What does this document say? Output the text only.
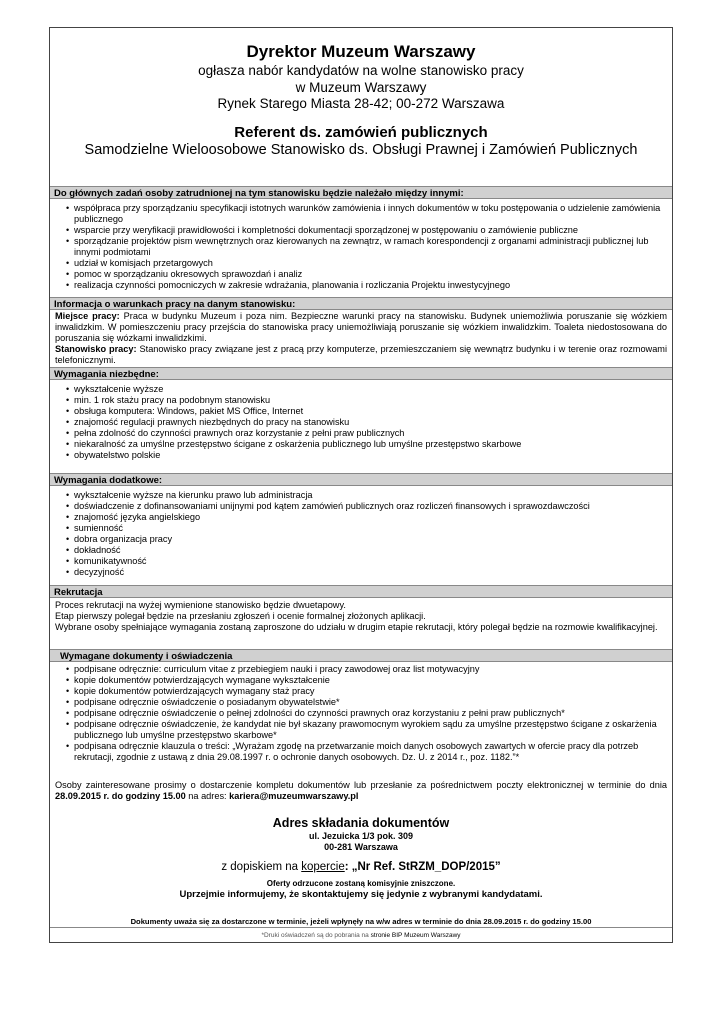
Dyrektor Muzeum Warszawy
ogłasza nabór kandydatów na wolne stanowisko pracy
w Muzeum Warszawy
Rynek Starego Miasta 28-42; 00-272 Warszawa
Referent ds. zamówień publicznych
Samodzielne Wieloosobowe Stanowisko ds. Obsługi Prawnej i Zamówień Publicznych
Do głównych zadań osoby zatrudnionej na tym stanowisku będzie należało między innymi:
• współpraca przy sporządzaniu specyfikacji istotnych warunków zamówienia i innych dokumentów w toku postępowania o udzielenie zamówienia publicznego
• wsparcie przy weryfikacji prawidłowości i kompletności dokumentacji sporządzonej w postępowaniu o zamówienie publiczne
• sporządzanie projektów pism wewnętrznych oraz kierowanych na zewnątrz, w ramach korespondencji z organami administracji publicznej lub innymi podmiotami
• udział w komisjach przetargowych
• pomoc w sporządzaniu okresowych sprawozdań i analiz
• realizacja czynności pomocniczych w zakresie wdrażania, planowania i rozliczania Projektu inwestycyjnego
Informacja o warunkach pracy na danym stanowisku:
Miejsce pracy: Praca w budynku Muzeum i poza nim. Bezpieczne warunki pracy na stanowisku. Budynek uniemożliwia poruszanie się wózkiem inwalidzkim. W pomieszczeniu pracy przejścia do stanowiska pracy uniemożliwiają poruszanie się wózkiem inwalidzkim. Toaleta niedostosowana do poruszania się wózkami inwalidzkimi.
Stanowisko pracy: Stanowisko pracy związane jest z pracą przy komputerze, przemieszczaniem się wewnątrz budynku i w terenie oraz rozmowami telefonicznymi.
Wymagania niezbędne:
• wykształcenie wyższe
• min. 1 rok stażu pracy na podobnym stanowisku
• obsługa komputera: Windows, pakiet MS Office, Internet
• znajomość regulacji prawnych niezbędnych do pracy na stanowisku
• pełna zdolność do czynności prawnych oraz korzystanie z pełni praw publicznych
• niekaralność za umyślne przestępstwo ścigane z oskarżenia publicznego lub umyślne przestępstwo skarbowe
• obywatelstwo polskie
Wymagania dodatkowe:
• wykształcenie wyższe na kierunku prawo lub administracja
• doświadczenie z dofinansowaniami unijnymi pod kątem zamówień publicznych oraz rozliczeń finansowych i sprawozdawczości
• znajomość języka angielskiego
• sumienność
• dobra organizacja pracy
• dokładność
• komunikatywność
• decyzyjność
Rekrutacja
Proces rekrutacji na wyżej wymienione stanowisko będzie dwuetapowy.
Etap pierwszy polegał będzie na przesłaniu zgłoszeń i ocenie formalnej złożonych aplikacji.
Wybrane osoby spełniające wymagania zostaną zaproszone do udziału w drugim etapie rekrutacji, który polegał będzie na rozmowie kwalifikacyjnej.
Wymagane dokumenty i oświadczenia
• podpisane odręcznie: curriculum vitae z przebiegiem nauki i pracy zawodowej oraz list motywacyjny
• kopie dokumentów potwierdzających wymagane wykształcenie
• kopie dokumentów potwierdzających wymagany staż pracy
• podpisane odręcznie oświadczenie o posiadanym obywatelstwie*
• podpisane odręcznie oświadczenie o pełnej zdolności do czynności prawnych oraz korzystaniu z pełni praw publicznych*
• podpisane odręcznie oświadczenie, że kandydat nie był skazany prawomocnym wyrokiem sądu za umyślne przestępstwo ścigane z oskarżenia publicznego lub umyślne przestępstwo skarbowe*
• podpisana odręcznie klauzula o treści: „Wyrażam zgodę na przetwarzanie moich danych osobowych zawartych w ofercie pracy dla potrzeb rekrutacji, zgodnie z ustawą z dnia 29.08.1997 r. o ochronie danych osobowych. Dz. U. z 2014 r., poz. 1182.”*
Osoby zainteresowane prosimy o dostarczenie kompletu dokumentów lub przesłanie za pośrednictwem poczty elektronicznej w terminie do dnia 28.09.2015 r. do godziny 15.00 na adres: kariera@muzeumwarszawy.pl
Adres składania dokumentów
ul. Jezuicka 1/3 pok. 309
00-281 Warszawa
z dopiskiem na kopercie: „Nr Ref. StRZM_DOP/2015”
Oferty odrzucone zostaną komisyjnie zniszczone.
Uprzejmie informujemy, że skontaktujemy się jedynie z wybranymi kandydatami.
Dokumenty uważa się za dostarczone w terminie, jeżeli wpłynęły na w/w adres w terminie do dnia 28.09.2015 r. do godziny 15.00
*Druki oświadczeń są do pobrania na stronie BIP Muzeum Warszawy
